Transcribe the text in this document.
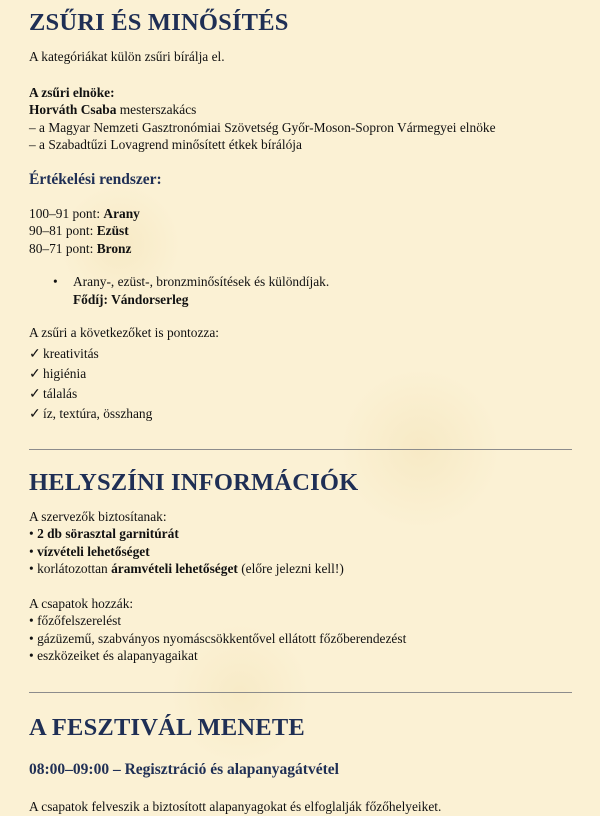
ZSŰRI ÉS MINŐSÍTÉS
A kategóriákat külön zsűri bírálja el.
A zsűri elnöke:
Horváth Csaba mesterszakács
– a Magyar Nemzeti Gasztronómiai Szövetség Győr-Moson-Sopron Vármegyei elnöke
– a Szabadtűzi Lovagrend minősített étkek bírálója
Értékelési rendszer:
100–91 pont: Arany
90–81 pont: Ezüst
80–71 pont: Bronz
•	Arany-, ezüst-, bronzminősítések és különdíjak.
Fődíj: Vándorserleg
A zsűri a következőket is pontozza:
✓ kreativitás
✓ higiénia
✓ tálalás
✓ íz, textúra, összhang
HELYSZÍNI INFORMÁCIÓK
A szervezők biztosítanak:
• 2 db sörasztal garnitúrát
• vízvételi lehetőséget
• korlátozottan áramvételi lehetőséget (előre jelezni kell!)
A csapatok hozzák:
• főzőfelszerelést
• gázüzemű, szabványos nyomáscsökkentővel ellátott főzőberendezést
• eszközeiket és alapanyagaikat
A FESZTIVÁL MENETE
08:00–09:00 – Regisztráció és alapanyagátvétel
A csapatok felveszik a biztosított alapanyagokat és elfoglalják főzőhelyeiket.
